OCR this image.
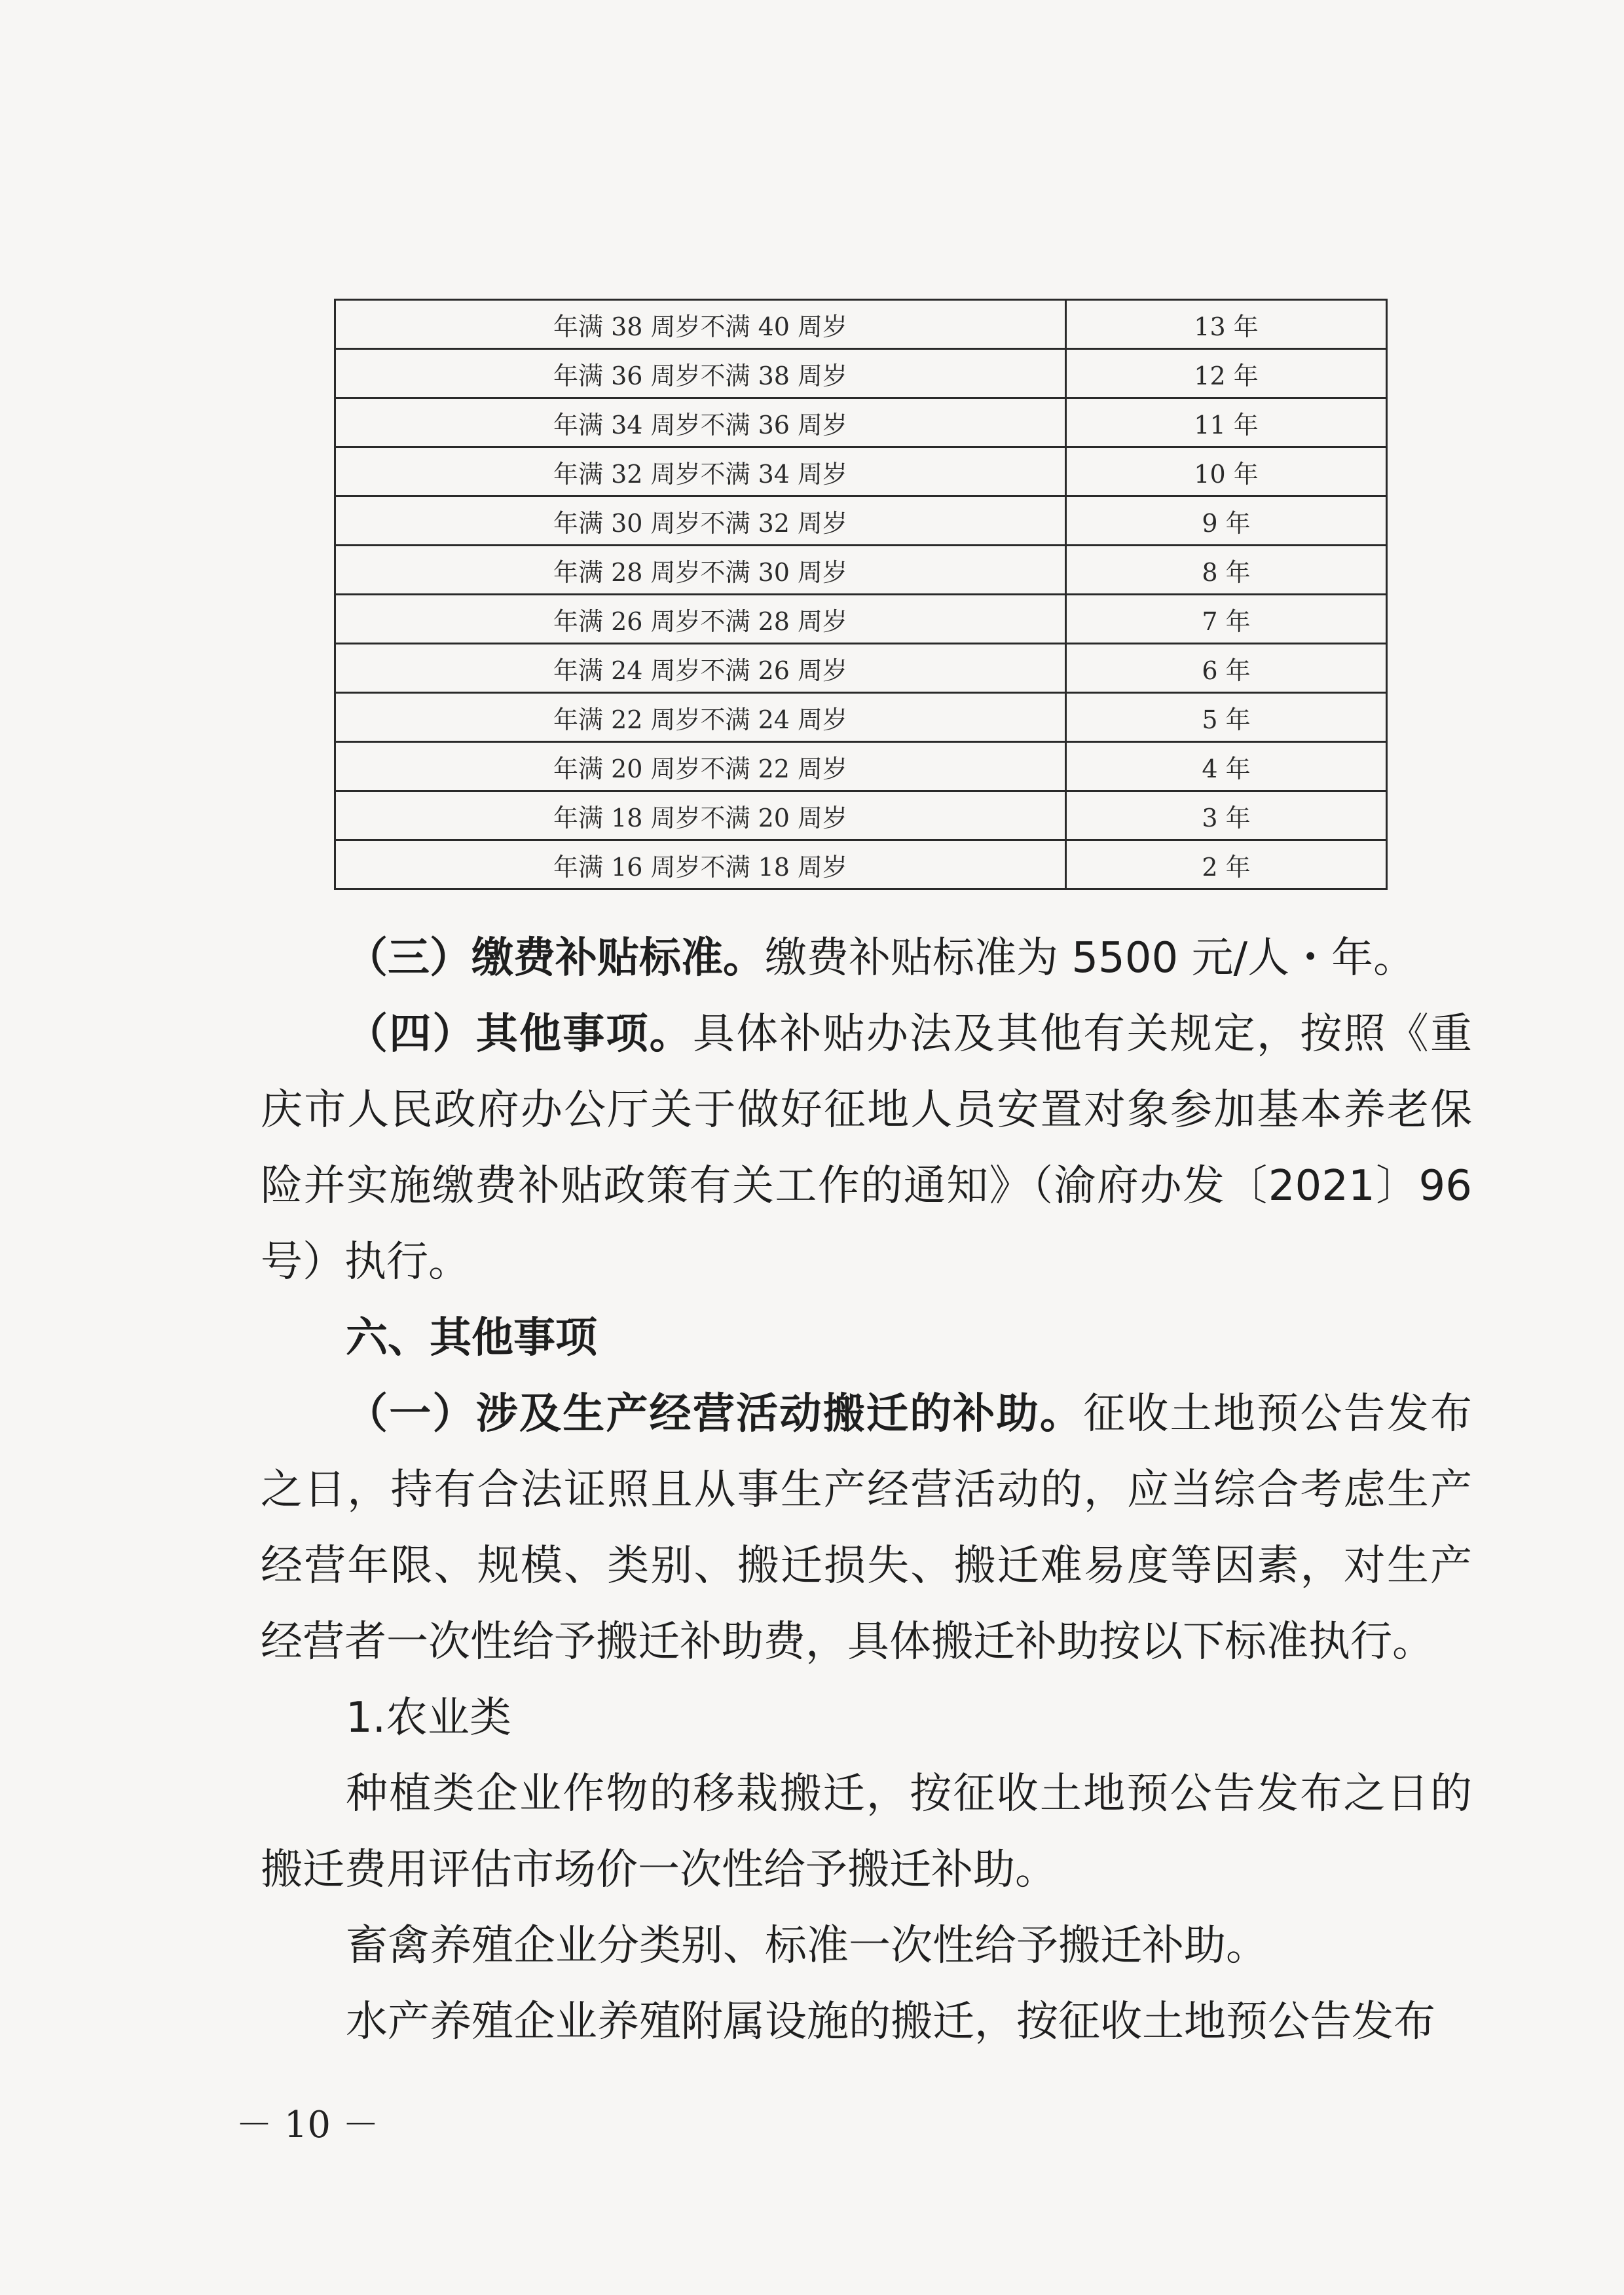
年满 38 周岁不满 40 周岁	13 年
年满 36 周岁不满 38 周岁	12 年
年满 34 周岁不满 36 周岁	11 年
年满 32 周岁不满 34 周岁	10 年
年满 30 周岁不满 32 周岁	9 年
年满 28 周岁不满 30 周岁	8 年
年满 26 周岁不满 28 周岁	7 年
年满 24 周岁不满 26 周岁	6 年
年满 22 周岁不满 24 周岁	5 年
年满 20 周岁不满 22 周岁	4 年
年满 18 周岁不满 20 周岁	3 年
年满 16 周岁不满 18 周岁	2 年

（三）缴费补贴标准。缴费补贴标准为 5500 元/人・年。

（四）其他事项。具体补贴办法及其他有关规定，按照《重庆市人民政府办公厅关于做好征地人员安置对象参加基本养老保险并实施缴费补贴政策有关工作的通知》（渝府办发〔2021〕96 号）执行。

六、其他事项

（一）涉及生产经营活动搬迁的补助。征收土地预公告发布之日，持有合法证照且从事生产经营活动的，应当综合考虑生产经营年限、规模、类别、搬迁损失、搬迁难易度等因素，对生产经营者一次性给予搬迁补助费，具体搬迁补助按以下标准执行。

1.农业类

种植类企业作物的移栽搬迁，按征收土地预公告发布之日的搬迁费用评估市场价一次性给予搬迁补助。

畜禽养殖企业分类别、标准一次性给予搬迁补助。

水产养殖企业养殖附属设施的搬迁，按征收土地预公告发布

－ 10 －
